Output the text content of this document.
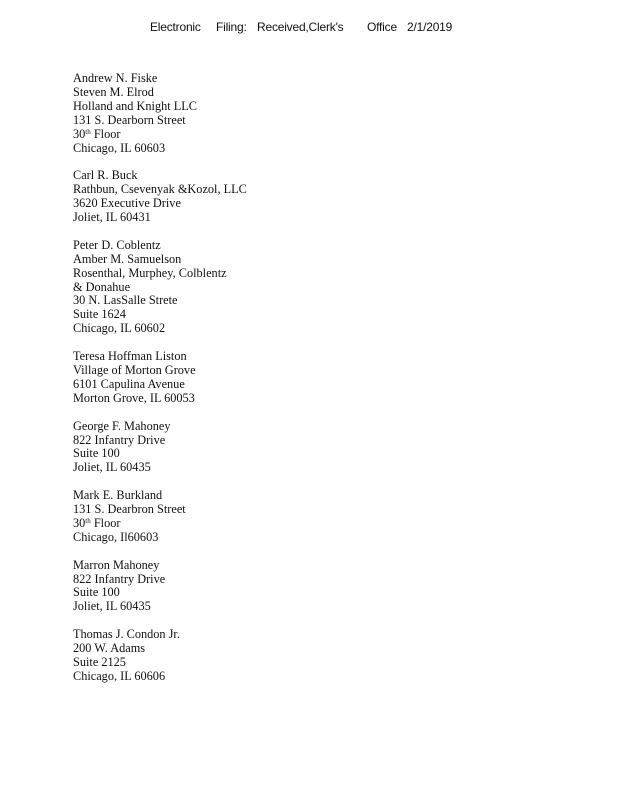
Electronic Filing: Received,Clerk's Office 2/1/2019
Andrew N. Fiske
Steven M. Elrod
Holland and Knight LLC
131 S. Dearborn Street
30th Floor
Chicago, IL 60603
Carl R. Buck
Rathbun, Csevenyak &Kozol, LLC
3620 Executive Drive
Joliet, IL 60431
Peter D. Coblentz
Amber M. Samuelson
Rosenthal, Murphey, Colblentz
& Donahue
30 N. LasSalle Strete
Suite 1624
Chicago, IL 60602
Teresa Hoffman Liston
Village of Morton Grove
6101 Capulina Avenue
Morton Grove, IL 60053
George F. Mahoney
822 Infantry Drive
Suite 100
Joliet, IL 60435
Mark E. Burkland
131 S. Dearbron Street
30th Floor
Chicago, Il60603
Marron Mahoney
822 Infantry Drive
Suite 100
Joliet, IL 60435
Thomas J. Condon Jr.
200 W. Adams
Suite 2125
Chicago, IL 60606
